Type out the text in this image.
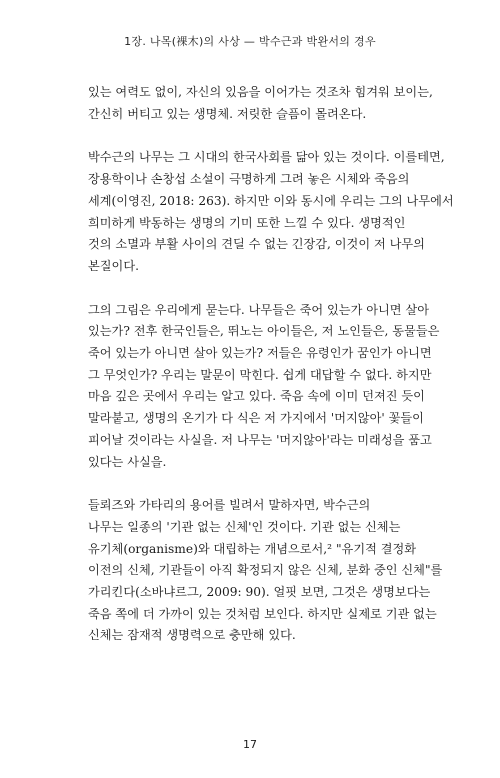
1장. 나목(裸木)의 사상 — 박수근과 박완서의 경우
있는 여력도 없이, 자신의 있음을 이어가는 것조차 힘겨워 보이는,
간신히 버티고 있는 생명체. 저릿한 슬픔이 몰려온다.
박수근의 나무는 그 시대의 한국사회를 닮아 있는 것이다. 이를테면,
장용학이나 손창섭 소설이 극명하게 그려 놓은 시체와 죽음의
세계(이영진, 2018: 263). 하지만 이와 동시에 우리는 그의 나무에서
희미하게 박동하는 생명의 기미 또한 느낄 수 있다. 생명적인
것의 소멸과 부활 사이의 견딜 수 없는 긴장감, 이것이 저 나무의
본질이다.
그의 그림은 우리에게 묻는다. 나무들은 죽어 있는가 아니면 살아
있는가? 전후 한국인들은, 뛰노는 아이들은, 저 노인들은, 동물들은
죽어 있는가 아니면 살아 있는가? 저들은 유령인가 꿈인가 아니면
그 무엇인가? 우리는 말문이 막힌다. 쉽게 대답할 수 없다. 하지만
마음 깊은 곳에서 우리는 알고 있다. 죽음 속에 이미 던져진 듯이
말라붙고, 생명의 온기가 다 식은 저 가지에서 '머지않아' 꽃들이
피어날 것이라는 사실을. 저 나무는 '머지않아'라는 미래성을 품고
있다는 사실을.
들뢰즈와 가타리의 용어를 빌려서 말하자면, 박수근의
나무는 일종의 '기관 없는 신체'인 것이다. 기관 없는 신체는
유기체(organisme)와 대립하는 개념으로서,² "유기적 결정화
이전의 신체, 기관들이 아직 확정되지 않은 신체, 분화 중인 신체"를
가리킨다(소바냐르그, 2009: 90). 얼핏 보면, 그것은 생명보다는
죽음 쪽에 더 가까이 있는 것처럼 보인다. 하지만 실제로 기관 없는
신체는 잠재적 생명력으로 충만해 있다.
17
